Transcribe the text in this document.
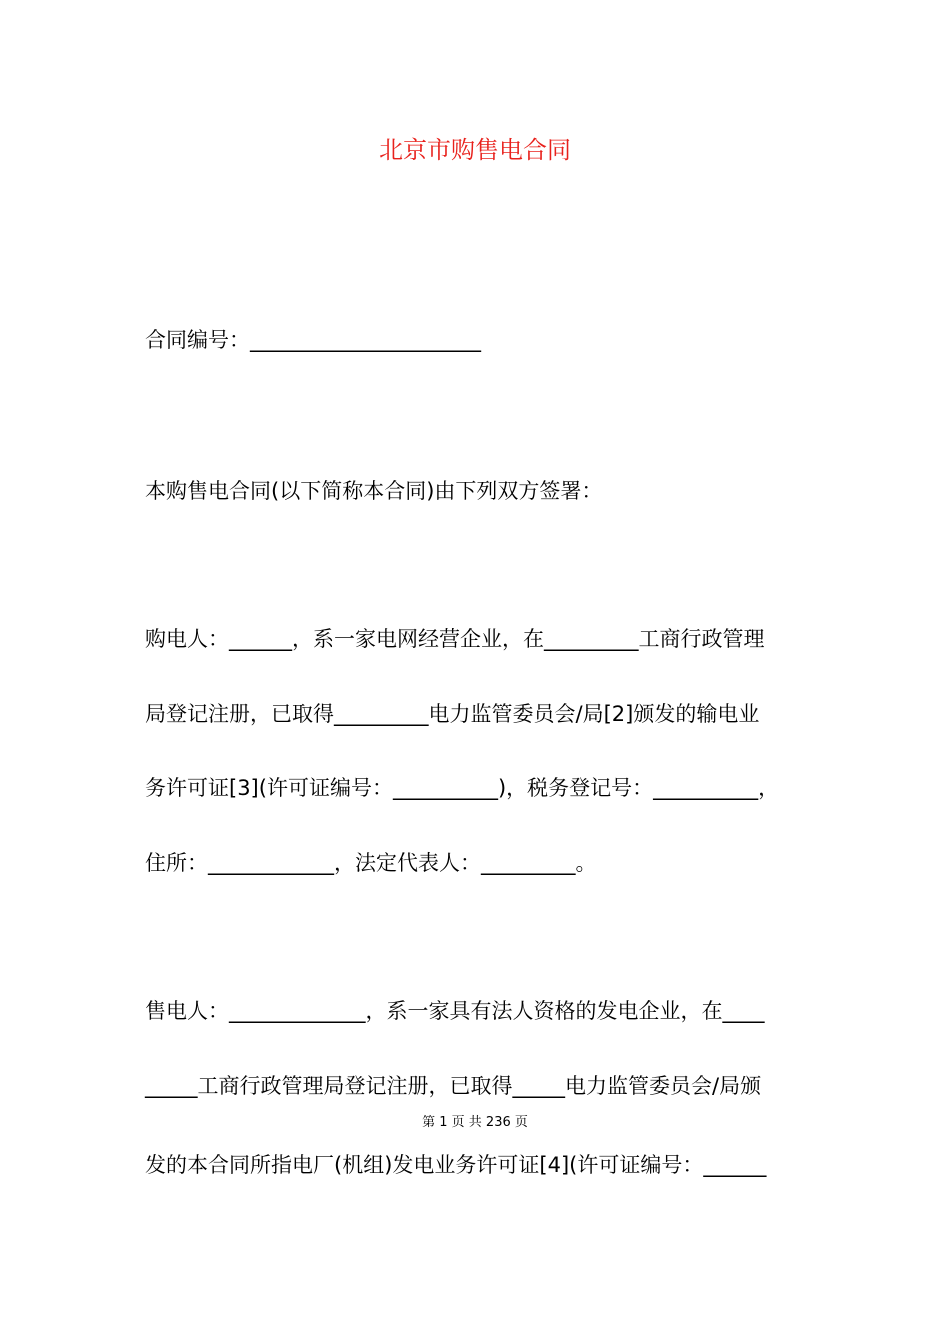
北京市购售电合同
合同编号：______________________
本购售电合同(以下简称本合同)由下列双方签署：
购电人：______，系一家电网经营企业，在_________工商行政管理
局登记注册，已取得_________电力监管委员会/局[2]颁发的输电业
务许可证[3](许可证编号：__________)，税务登记号：__________，
住所：____________，法定代表人：_________。
售电人：_____________，系一家具有法人资格的发电企业，在____
_____工商行政管理局登记注册，已取得_____电力监管委员会/局颁
第 1 页 共 236 页
发的本合同所指电厂(机组)发电业务许可证[4](许可证编号：______
